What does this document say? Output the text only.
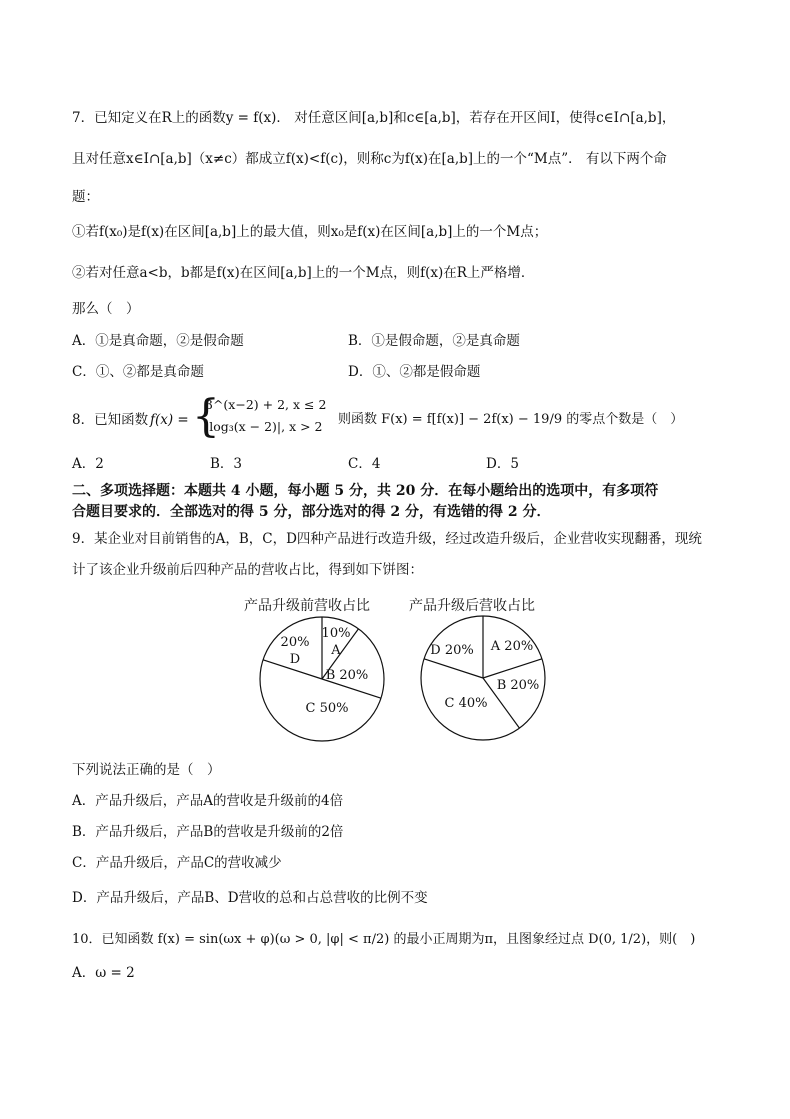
7．已知定义在R上的函数y = f(x)． 对任意区间[a,b]和c∈[a,b]，若存在开区间I，使得c∈I∩[a,b]，
且对任意x∈I∩[a,b]（x≠c）都成立f(x)<f(c)，则称c为f(x)在[a,b]上的一个“M点”． 有以下两个命
题：
①若f(x₀)是f(x)在区间[a,b]上的最大值，则x₀是f(x)在区间[a,b]上的一个M点；
②若对任意a<b，b都是f(x)在区间[a,b]上的一个M点，则f(x)在R上严格增．
那么（　）
A．①是真命题，②是假命题	B．①是假命题，②是真命题
C．①、②都是真命题	D．①、②都是假命题
8．已知函数 f(x) = {
3^(x−2) + 2, x ≤ 2
|log₃(x − 2)|, x > 2 则函数 F(x) = f[f(x)] − 2f(x) − 19/9 的零点个数是（　）
A．2	B．3	C．4	D．5
二、多项选择题：本题共 4 小题，每小题 5 分，共 20 分．在每小题给出的选项中，有多项符
合题目要求的．全部选对的得 5 分，部分选对的得 2 分，有选错的得 2 分．
9．某企业对目前销售的A，B，C，D四种产品进行改造升级，经过改造升级后，企业营收实现翻番，现统
计了该企业升级前后四种产品的营收占比，得到如下饼图：
产品升级前营收占比	产品升级后营收占比
10% A
B 20%
C 50%
20% D
A 20%
B 20%
C 40%
D 20%
下列说法正确的是（　）
A．产品升级后，产品A的营收是升级前的4倍
B．产品升级后，产品B的营收是升级前的2倍
C．产品升级后，产品C的营收减少
D．产品升级后，产品B、D营收的总和占总营收的比例不变
10．已知函数 f(x) = sin(ωx + φ)(ω > 0, |φ| < π/2) 的最小正周期为π，且图象经过点 D(0, 1/2)，则(　)
A．ω = 2
